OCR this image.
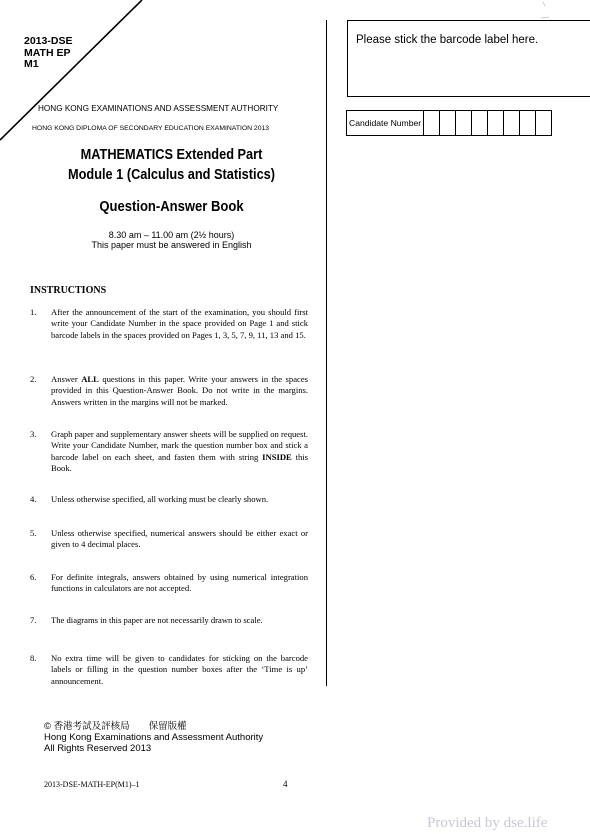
2013-DSE
MATH EP
M1
HONG KONG EXAMINATIONS AND ASSESSMENT AUTHORITY
HONG KONG DIPLOMA OF SECONDARY EDUCATION EXAMINATION 2013
MATHEMATICS Extended Part
Module 1 (Calculus and Statistics)
Question-Answer Book
8.30 am – 11.00 am (2½ hours)
This paper must be answered in English
Please stick the barcode label here.
Candidate Number
INSTRUCTIONS
1. After the announcement of the start of the examination, you should first write your Candidate Number in the space provided on Page 1 and stick barcode labels in the spaces provided on Pages 1, 3, 5, 7, 9, 11, 13 and 15.
2. Answer ALL questions in this paper. Write your answers in the spaces provided in this Question-Answer Book. Do not write in the margins. Answers written in the margins will not be marked.
3. Graph paper and supplementary answer sheets will be supplied on request. Write your Candidate Number, mark the question number box and stick a barcode label on each sheet, and fasten them with string INSIDE this Book.
4. Unless otherwise specified, all working must be clearly shown.
5. Unless otherwise specified, numerical answers should be either exact or given to 4 decimal places.
6. For definite integrals, answers obtained by using numerical integration functions in calculators are not accepted.
7. The diagrams in this paper are not necessarily drawn to scale.
8. No extra time will be given to candidates for sticking on the barcode labels or filling in the question number boxes after the ‘Time is up’ announcement.
© 香港考試及評核局　　保留版權
Hong Kong Examinations and Assessment Authority
All Rights Reserved 2013
2013-DSE-MATH-EP(M1)–1	4
Provided by dse.life
